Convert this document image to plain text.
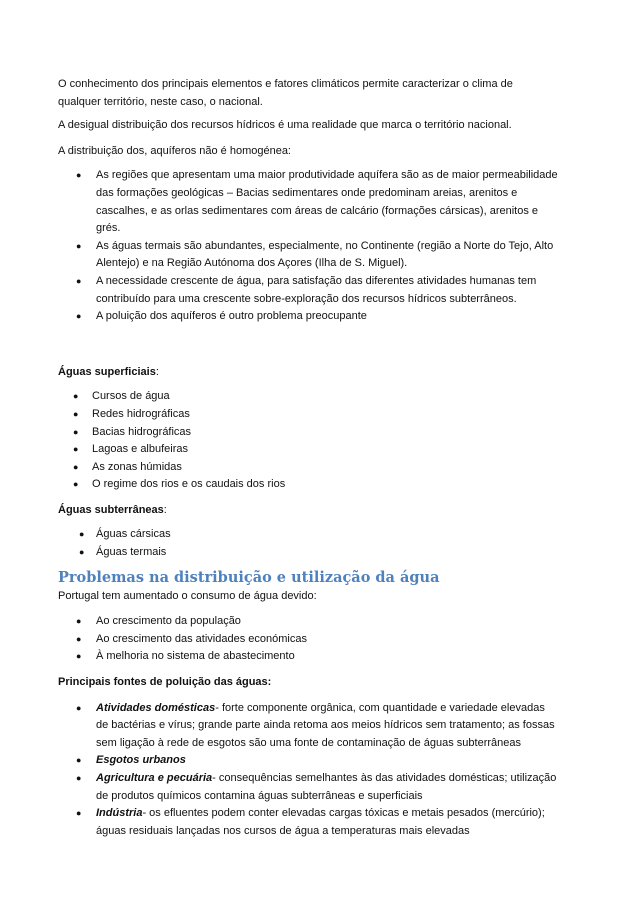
O conhecimento dos principais elementos e fatores climáticos permite caracterizar o clima de qualquer território, neste caso, o nacional.

A desigual distribuição dos recursos hídricos é uma realidade que marca o território nacional.

A distribuição dos, aquíferos não é homogénea:

● As regiões que apresentam uma maior produtividade aquífera são as de maior permeabilidade das formações geológicas – Bacias sedimentares onde predominam areias, arenitos e cascalhes, e as orlas sedimentares com áreas de calcário (formações cársicas), arenitos e grés.
● As águas termais são abundantes, especialmente, no Continente (região a Norte do Tejo, Alto Alentejo) e na Região Autónoma dos Açores (Ilha de S. Miguel).
● A necessidade crescente de água, para satisfação das diferentes atividades humanas tem contribuído para uma crescente sobre-exploração dos recursos hídricos subterrâneos.
● A poluição dos aquíferos é outro problema preocupante

Águas superficiais:

● Cursos de água
● Redes hidrográficas
● Bacias hidrográficas
● Lagoas e albufeiras
● As zonas húmidas
● O regime dos rios e os caudais dos rios

Águas subterrâneas:

● Águas cársicas
● Águas termais
Problemas na distribuição e utilização da água

Portugal tem aumentado o consumo de água devido:

● Ao crescimento da população
● Ao crescimento das atividades económicas
● À melhoria no sistema de abastecimento

Principais fontes de poluição das águas:

● Atividades domésticas- forte componente orgânica, com quantidade e variedade elevadas de bactérias e vírus; grande parte ainda retoma aos meios hídricos sem tratamento; as fossas sem ligação à rede de esgotos são uma fonte de contaminação de águas subterrâneas
● Esgotos urbanos
● Agricultura e pecuária- consequências semelhantes às das atividades domésticas; utilização de produtos químicos contamina águas subterrâneas e superficiais
● Indústria- os efluentes podem conter elevadas cargas tóxicas e metais pesados (mercúrio); águas residuais lançadas nos cursos de água a temperaturas mais elevadas
